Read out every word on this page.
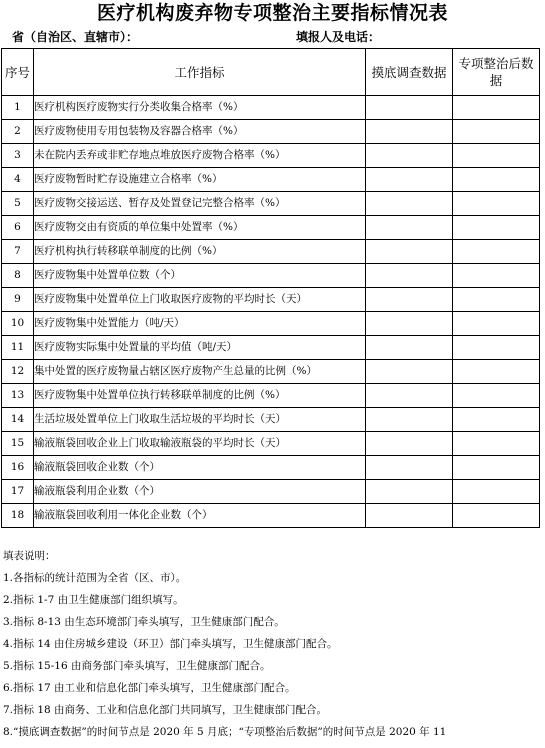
医疗机构废弃物专项整治主要指标情况表
省（自治区、直辖市）：	填报人及电话：
序号	工作指标	摸底调查数据	专项整治后数据
1	医疗机构医疗废物实行分类收集合格率（%）		
2	医疗废物使用专用包装物及容器合格率（%）		
3	未在院内丢弃或非贮存地点堆放医疗废物合格率（%）		
4	医疗废物暂时贮存设施建立合格率（%）		
5	医疗废物交接运送、暂存及处置登记完整合格率（%）		
6	医疗废物交由有资质的单位集中处置率（%）		
7	医疗机构执行转移联单制度的比例（%）		
8	医疗废物集中处置单位数（个）		
9	医疗废物集中处置单位上门收取医疗废物的平均时长（天）		
10	医疗废物集中处置能力（吨/天）		
11	医疗废物实际集中处置量的平均值（吨/天）		
12	集中处置的医疗废物量占辖区医疗废物产生总量的比例（%）		
13	医疗废物集中处置单位执行转移联单制度的比例（%）		
14	生活垃圾处置单位上门收取生活垃圾的平均时长（天）		
15	输液瓶袋回收企业上门收取输液瓶袋的平均时长（天）		
16	输液瓶袋回收企业数（个）		
17	输液瓶袋利用企业数（个）		
18	输液瓶袋回收利用一体化企业数（个）		
填表说明：
1.各指标的统计范围为全省（区、市）。
2.指标 1-7 由卫生健康部门组织填写。
3.指标 8-13 由生态环境部门牵头填写，卫生健康部门配合。
4.指标 14 由住房城乡建设（环卫）部门牵头填写，卫生健康部门配合。
5.指标 15-16 由商务部门牵头填写，卫生健康部门配合。
6.指标 17 由工业和信息化部门牵头填写，卫生健康部门配合。
7.指标 18 由商务、工业和信息化部门共同填写，卫生健康部门配合。
8.“摸底调查数据”的时间节点是 2020 年 5 月底；“专项整治后数据”的时间节点是 2020 年 11
